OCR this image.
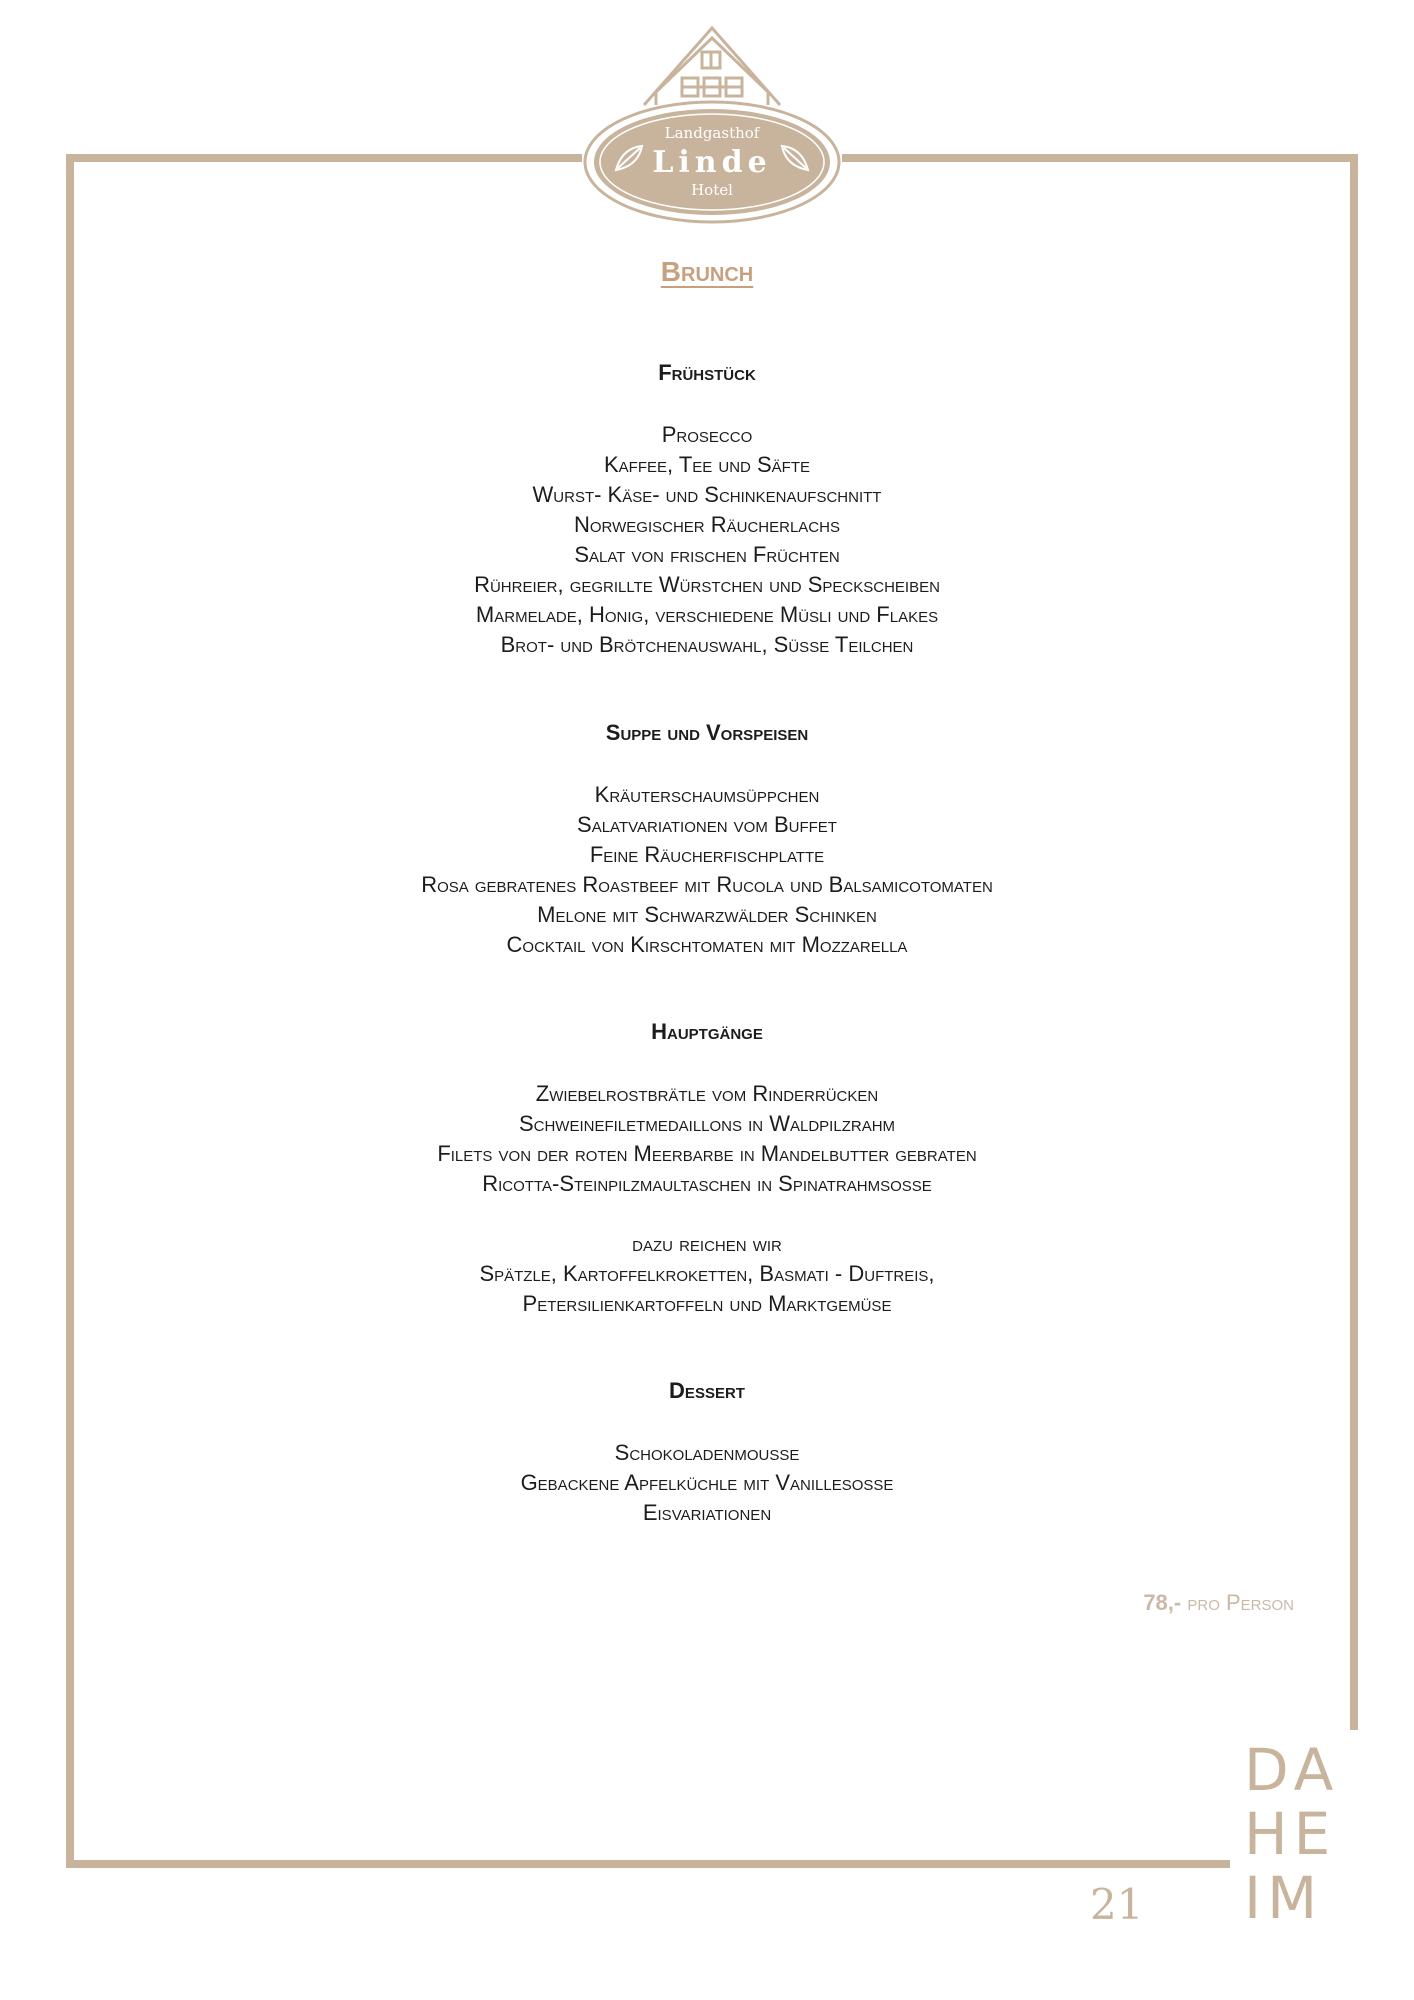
Landgasthof
Linde
Hotel
Brunch
Frühstück
Prosecco
Kaffee, Tee und Säfte
Wurst- Käse- und Schinkenaufschnitt
Norwegischer Räucherlachs
Salat von frischen Früchten
Rühreier, gegrillte Würstchen und Speckscheiben
Marmelade, Honig, verschiedene Müsli und Flakes
Brot- und Brötchenauswahl, Süße Teilchen
Suppe und Vorspeisen
Kräuterschaumsüppchen
Salatvariationen vom Buffet
Feine Räucherfischplatte
Rosa gebratenes Roastbeef mit Rucola und Balsamicotomaten
Melone mit Schwarzwälder Schinken
Cocktail von Kirschtomaten mit Mozzarella
Hauptgänge
Zwiebelrostbrätle vom Rinderrücken
Schweinefiletmedaillons in Waldpilzrahm
Filets von der roten Meerbarbe in Mandelbutter gebraten
Ricotta-Steinpilzmaultaschen in Spinatrahmsoße
dazu reichen wir
Spätzle, Kartoffelkroketten, Basmati - Duftreis,
Petersilienkartoffeln und Marktgemüse
Dessert
Schokoladenmousse
Gebackene Apfelküchle mit Vanillesoße
Eisvariationen
78,- pro Person
21
DA
HE
IM
